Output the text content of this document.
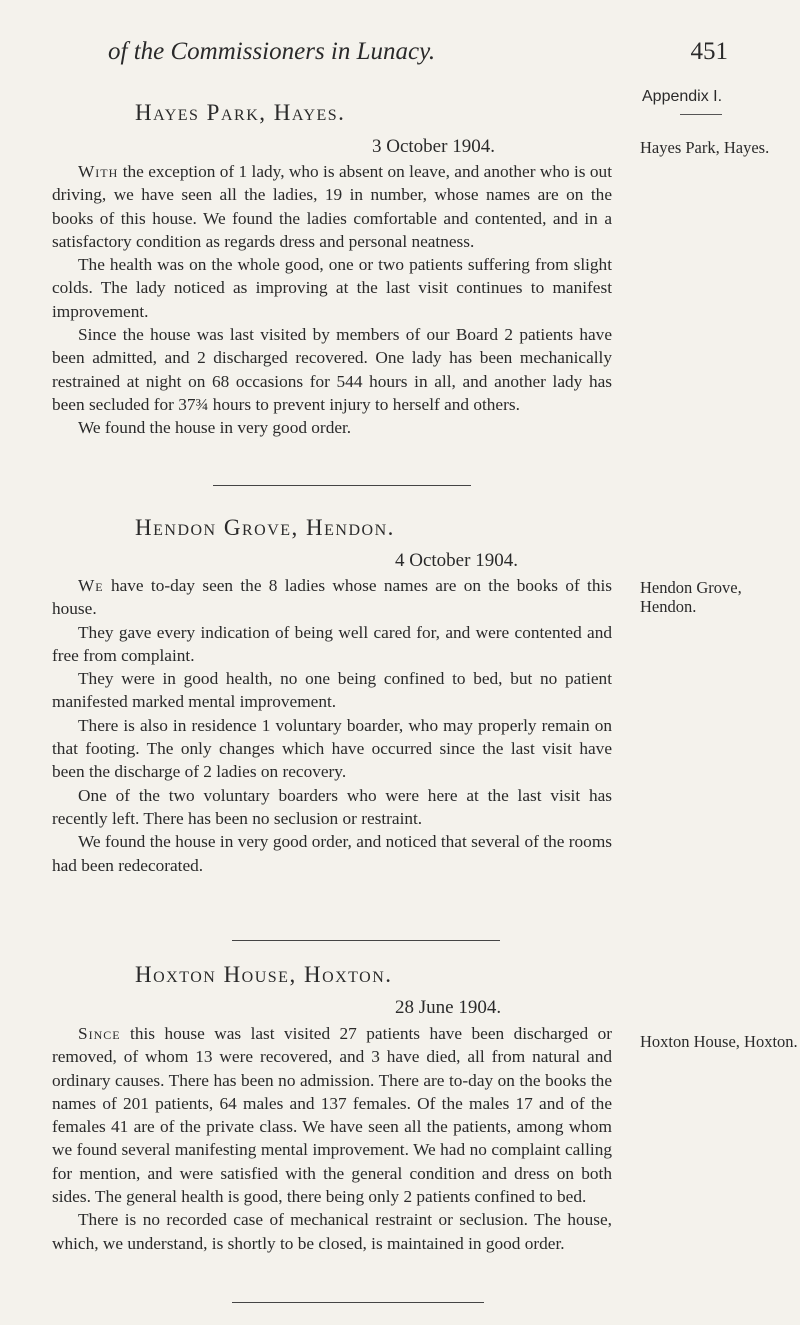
of the Commissioners in Lunacy.	451
Appendix I.
Hayes Park, Hayes.
3 October 1904.	Hayes Park, Hayes.

With the exception of 1 lady, who is absent on leave, and another who is out driving, we have seen all the ladies, 19 in number, whose names are on the books of this house. We found the ladies comfortable and contented, and in a satisfactory condition as regards dress and personal neatness.

The health was on the whole good, one or two patients suffering from slight colds. The lady noticed as improving at the last visit continues to manifest improvement.

Since the house was last visited by members of our Board 2 patients have been admitted, and 2 discharged recovered. One lady has been mechanically restrained at night on 68 occasions for 544 hours in all, and another lady has been secluded for 37¾ hours to prevent injury to herself and others.

We found the house in very good order.

Hendon Grove, Hendon.
4 October 1904.
Hendon Grove, Hendon.

We have to-day seen the 8 ladies whose names are on the books of this house.

They gave every indication of being well cared for, and were contented and free from complaint.

They were in good health, no one being confined to bed, but no patient manifested marked mental improvement.

There is also in residence 1 voluntary boarder, who may properly remain on that footing. The only changes which have occurred since the last visit have been the discharge of 2 ladies on recovery.

One of the two voluntary boarders who were here at the last visit has recently left. There has been no seclusion or restraint.

We found the house in very good order, and noticed that several of the rooms had been redecorated.

Hoxton House, Hoxton.
28 June 1904.
Hoxton House, Hoxton.

Since this house was last visited 27 patients have been discharged or removed, of whom 13 were recovered, and 3 have died, all from natural and ordinary causes. There has been no admission. There are to-day on the books the names of 201 patients, 64 males and 137 females. Of the males 17 and of the females 41 are of the private class. We have seen all the patients, among whom we found several manifesting mental improvement. We had no complaint calling for mention, and were satisfied with the general condition and dress on both sides. The general health is good, there being only 2 patients confined to bed.

There is no recorded case of mechanical restraint or seclusion. The house, which, we understand, is shortly to be closed, is maintained in good order.
